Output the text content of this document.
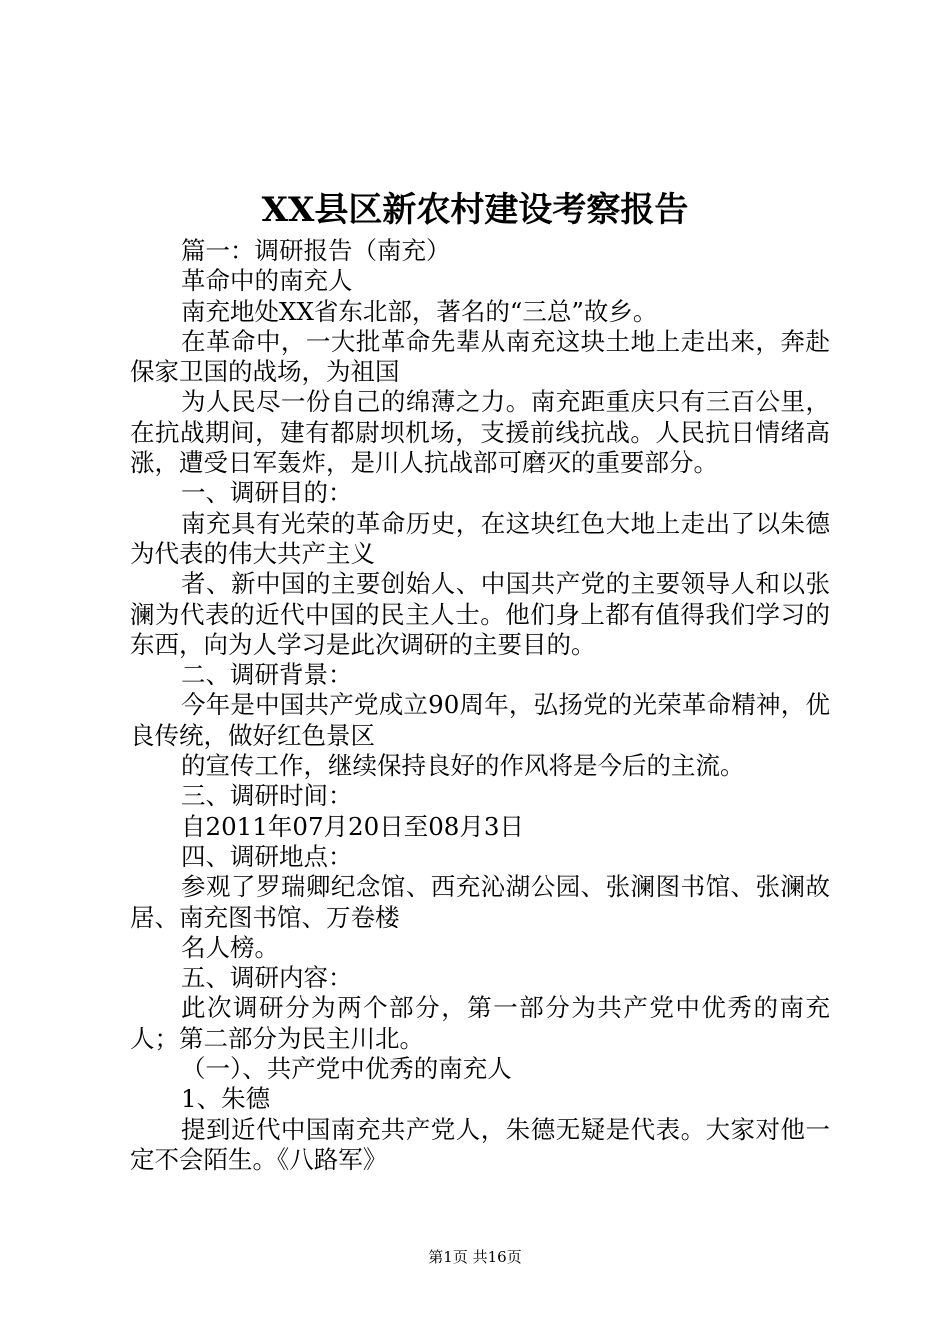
XX县区新农村建设考察报告

篇一：调研报告（南充）

革命中的南充人

南充地处XX省东北部，著名的“三总”故乡。

在革命中，一大批革命先辈从南充这块土地上走出来，奔赴保家卫国的战场，为祖国

为人民尽一份自己的绵薄之力。南充距重庆只有三百公里，在抗战期间，建有都尉坝机场，支援前线抗战。人民抗日情绪高涨，遭受日军轰炸，是川人抗战部可磨灭的重要部分。

一、调研目的：

南充具有光荣的革命历史，在这块红色大地上走出了以朱德为代表的伟大共产主义

者、新中国的主要创始人、中国共产党的主要领导人和以张澜为代表的近代中国的民主人士。他们身上都有值得我们学习的东西，向为人学习是此次调研的主要目的。

二、调研背景：

今年是中国共产党成立90周年，弘扬党的光荣革命精神，优良传统，做好红色景区

的宣传工作，继续保持良好的作风将是今后的主流。

三、调研时间：

自2011年07月20日至08月3日

四、调研地点：

参观了罗瑞卿纪念馆、西充沁湖公园、张澜图书馆、张澜故居、南充图书馆、万卷楼

名人榜。

五、调研内容：

此次调研分为两个部分，第一部分为共产党中优秀的南充人；第二部分为民主川北。

（一）、共产党中优秀的南充人

1、朱德

提到近代中国南充共产党人，朱德无疑是代表。大家对他一定不会陌生。《八路军》

第1页 共16页
